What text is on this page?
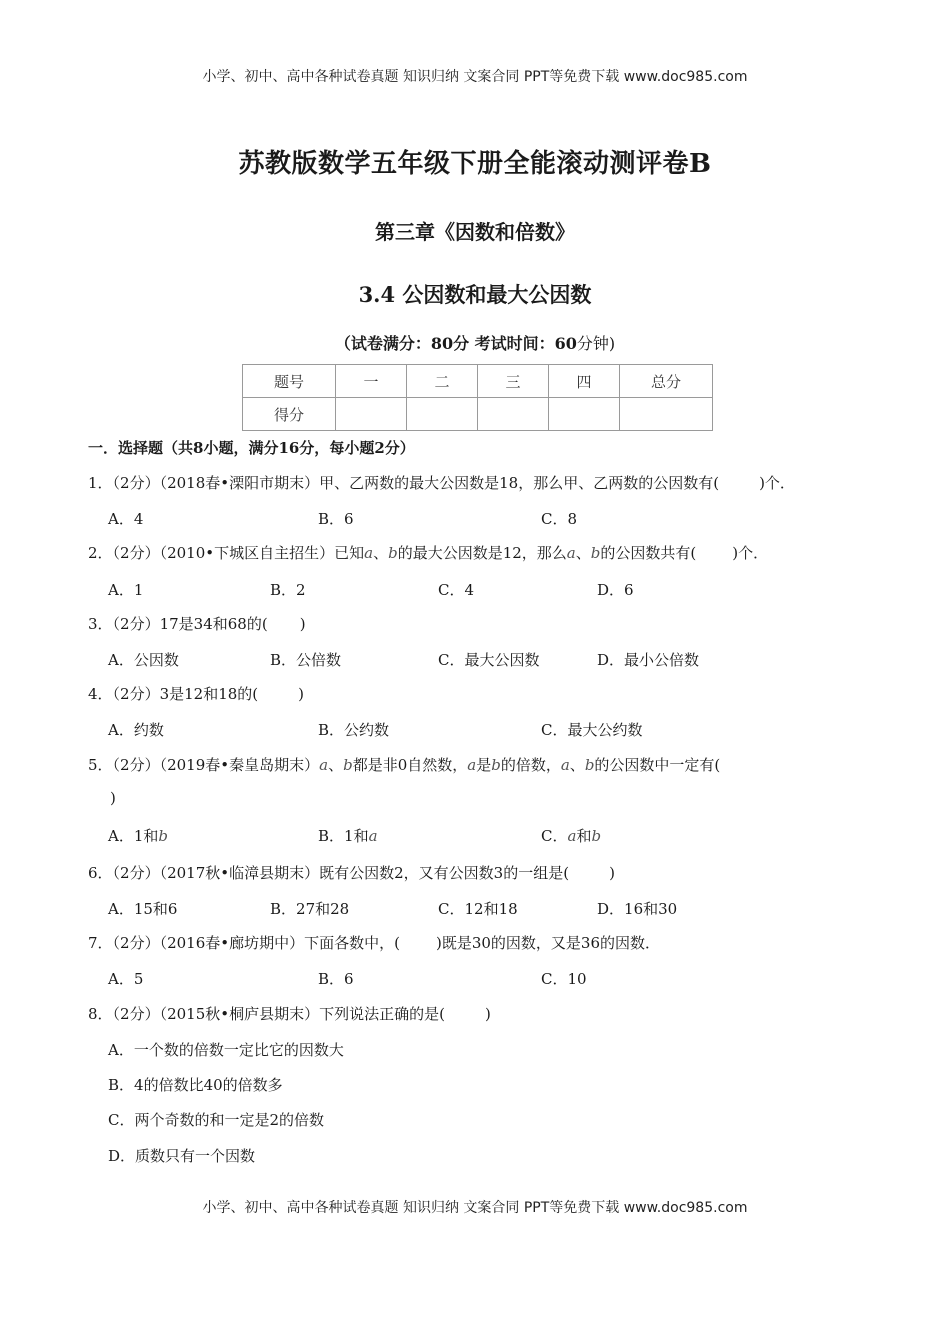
小学、初中、高中各种试卷真题 知识归纳 文案合同 PPT等免费下载 www.doc985.com
苏教版数学五年级下册全能滚动测评卷B
第三章《因数和倍数》
3.4 公因数和最大公因数
（试卷满分：80分 考试时间：60分钟)
题号	一	二	三	四	总分
得分					
一．选择题（共8小题，满分16分，每小题2分）
1．（2分）（2018春•溧阳市期末）甲、乙两数的最大公因数是18，那么甲、乙两数的公因数有(	)个．
A．4	B．6	C．8
2．（2分）（2010•下城区自主招生）已知a、b的最大公因数是12，那么a、b的公因数共有( )个．
A．1	B．2	C．4	D．6
3．（2分）17是34和68的( )
A．公因数	B．公倍数	C．最大公因数	D．最小公倍数
4．（2分）3是12和18的(	)
A．约数	B．公约数	C．最大公约数
5．（2分）（2019春•秦皇岛期末）a、b都是非0自然数，a是b的倍数，a、b的公因数中一定有(
)
A．1和b	B．1和a	C．a和b
6．（2分）（2017秋•临漳县期末）既有公因数2，又有公因数3的一组是(	)
A．15和6	B．27和28	C．12和18	D．16和30
7．（2分）（2016春•廊坊期中）下面各数中，( )既是30的因数，又是36的因数．
A．5	B．6	C．10
8．（2分）（2015秋•桐庐县期末）下列说法正确的是(	)
A．一个数的倍数一定比它的因数大
B．4的倍数比40的倍数多
C．两个奇数的和一定是2的倍数
D．质数只有一个因数
小学、初中、高中各种试卷真题 知识归纳 文案合同 PPT等免费下载 www.doc985.com
